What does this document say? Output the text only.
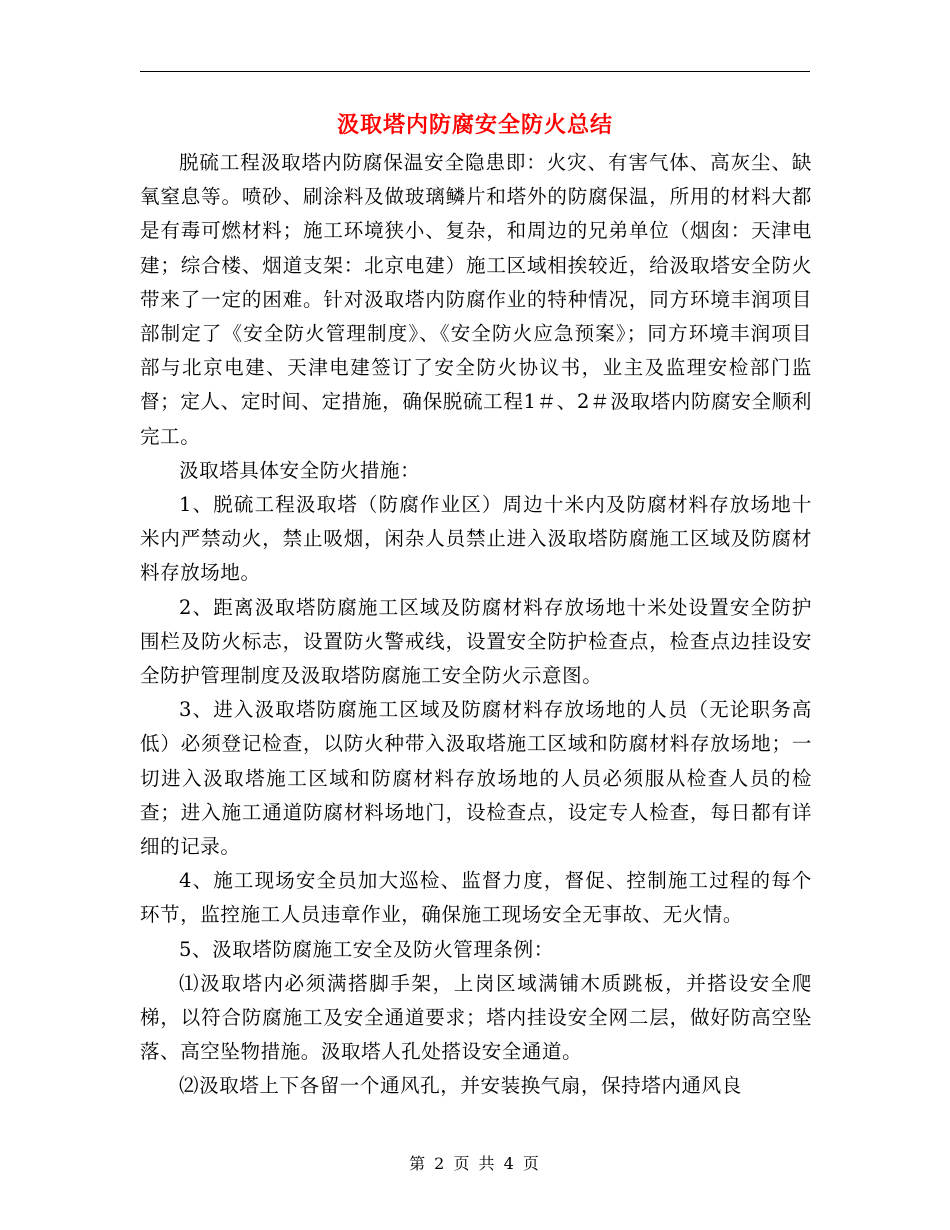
汲取塔内防腐安全防火总结

脱硫工程汲取塔内防腐保温安全隐患即：火灾、有害气体、高灰尘、缺氧窒息等。喷砂、刷涂料及做玻璃鳞片和塔外的防腐保温，所用的材料大都是有毒可燃材料；施工环境狭小、复杂，和周边的兄弟单位（烟囱：天津电建；综合楼、烟道支架：北京电建）施工区域相挨较近，给汲取塔安全防火带来了一定的困难。针对汲取塔内防腐作业的特种情况，同方环境丰润项目部制定了《安全防火管理制度》、《安全防火应急预案》；同方环境丰润项目部与北京电建、天津电建签订了安全防火协议书，业主及监理安检部门监督；定人、定时间、定措施，确保脱硫工程1＃、2＃汲取塔内防腐安全顺利完工。

汲取塔具体安全防火措施：

1、脱硫工程汲取塔（防腐作业区）周边十米内及防腐材料存放场地十米内严禁动火，禁止吸烟，闲杂人员禁止进入汲取塔防腐施工区域及防腐材料存放场地。

2、距离汲取塔防腐施工区域及防腐材料存放场地十米处设置安全防护围栏及防火标志，设置防火警戒线，设置安全防护检查点，检查点边挂设安全防护管理制度及汲取塔防腐施工安全防火示意图。

3、进入汲取塔防腐施工区域及防腐材料存放场地的人员（无论职务高低）必须登记检查，以防火种带入汲取塔施工区域和防腐材料存放场地；一切进入汲取塔施工区域和防腐材料存放场地的人员必须服从检查人员的检查；进入施工通道防腐材料场地门，设检查点，设定专人检查，每日都有详细的记录。

4、施工现场安全员加大巡检、监督力度，督促、控制施工过程的每个环节，监控施工人员违章作业，确保施工现场安全无事故、无火情。

5、汲取塔防腐施工安全及防火管理条例：

⑴汲取塔内必须满搭脚手架，上岗区域满铺木质跳板，并搭设安全爬梯，以符合防腐施工及安全通道要求；塔内挂设安全网二层，做好防高空坠落、高空坠物措施。汲取塔人孔处搭设安全通道。

⑵汲取塔上下各留一个通风孔，并安装换气扇，保持塔内通风良

第 2 页 共 4 页
